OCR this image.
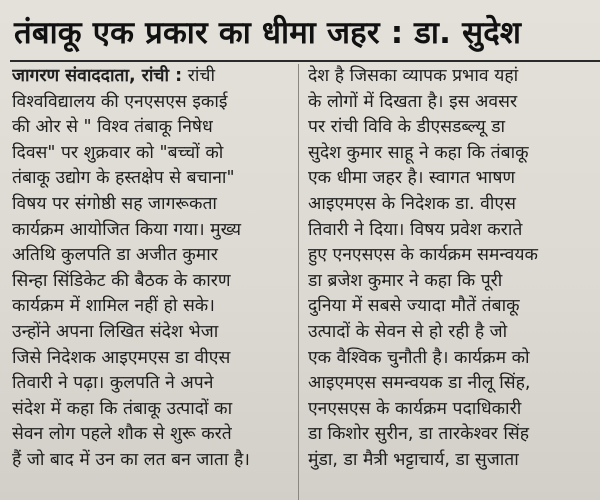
तंबाकू एक प्रकार का धीमा जहर : डा. सुदेश
जागरण संवाददाता, रांची : रांची
विश्वविद्यालय की एनएसएस इकाई
की ओर से " विश्व तंबाकू निषेध
दिवस" पर शुक्रवार को "बच्चों को
तंबाकू उद्योग के हस्तक्षेप से बचाना"
विषय पर संगोष्ठी सह जागरूकता
कार्यक्रम आयोजित किया गया। मुख्य
अतिथि कुलपति डा अजीत कुमार
सिन्हा सिंडिकेट की बैठक के कारण
कार्यक्रम में शामिल नहीं हो सके।
उन्होंने अपना लिखित संदेश भेजा
जिसे निदेशक आइएमएस डा वीएस
तिवारी ने पढ़ा। कुलपति ने अपने
संदेश में कहा कि तंबाकू उत्पादों का
सेवन लोग पहले शौक से शुरू करते
हैं जो बाद में उन का लत बन जाता है।
देश है जिसका व्यापक प्रभाव यहां
के लोगों में दिखता है। इस अवसर
पर रांची विवि के डीएसडब्ल्यू डा
सुदेश कुमार साहू ने कहा कि तंबाकू
एक धीमा जहर है। स्वागत भाषण
आइएमएस के निदेशक डा. वीएस
तिवारी ने दिया। विषय प्रवेश कराते
हुए एनएसएस के कार्यक्रम समन्वयक
डा ब्रजेश कुमार ने कहा कि पूरी
दुनिया में सबसे ज्यादा मौतें तंबाकू
उत्पादों के सेवन से हो रही है जो
एक वैश्विक चुनौती है। कार्यक्रम को
आइएमएस समन्वयक डा नीलू सिंह,
एनएसएस के कार्यक्रम पदाधिकारी
डा किशोर सुरीन, डा तारकेश्वर सिंह
मुंडा, डा मैत्री भट्टाचार्य, डा सुजाता
